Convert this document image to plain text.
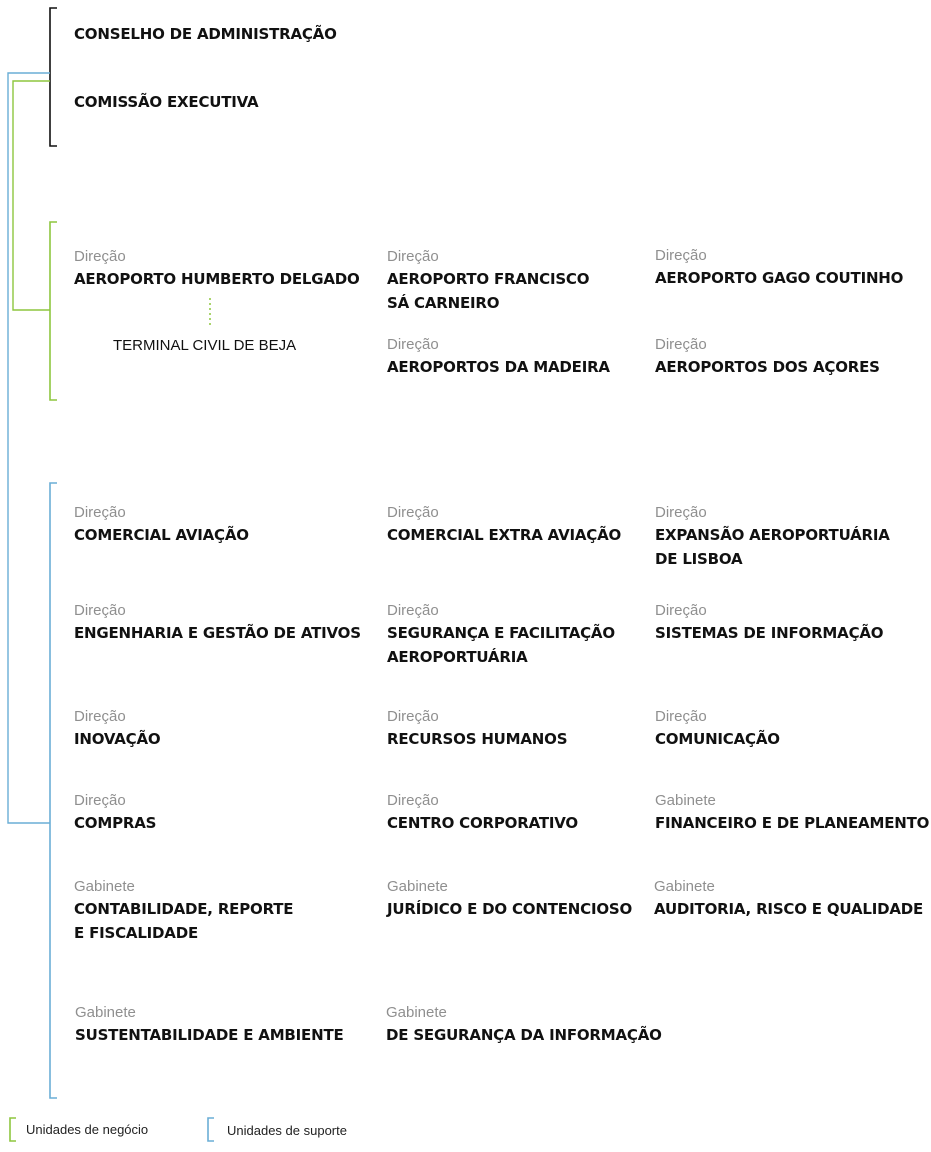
CONSELHO DE ADMINISTRAÇÃO
COMISSÃO EXECUTIVA
Direção
AEROPORTO HUMBERTO DELGADO
Direção
AEROPORTO FRANCISCO
SÁ CARNEIRO
Direção
AEROPORTO GAGO COUTINHO
TERMINAL CIVIL DE BEJA	Direção
AEROPORTOS DA MADEIRA
Direção
AEROPORTOS DOS AÇORES
Direção
COMERCIAL AVIAÇÃO
Direção
COMERCIAL EXTRA AVIAÇÃO
Direção
EXPANSÃO AEROPORTUÁRIA
DE LISBOA
Direção
ENGENHARIA E GESTÃO DE ATIVOS
Direção
SEGURANÇA E FACILITAÇÃO
AEROPORTUÁRIA
Direção
SISTEMAS DE INFORMAÇÃO
Direção
INOVAÇÃO
Direção
RECURSOS HUMANOS
Direção
COMUNICAÇÃO
Direção
COMPRAS
Direção
CENTRO CORPORATIVO
Gabinete
FINANCEIRO E DE PLANEAMENTO
Gabinete
CONTABILIDADE, REPORTE
E FISCALIDADE
Gabinete
JURÍDICO E DO CONTENCIOSO
Gabinete
AUDITORIA, RISCO E QUALIDADE
Gabinete
SUSTENTABILIDADE E AMBIENTE
Gabinete
DE SEGURANÇA DA INFORMAÇÃO
Unidades de negócio	Unidades de suporte
